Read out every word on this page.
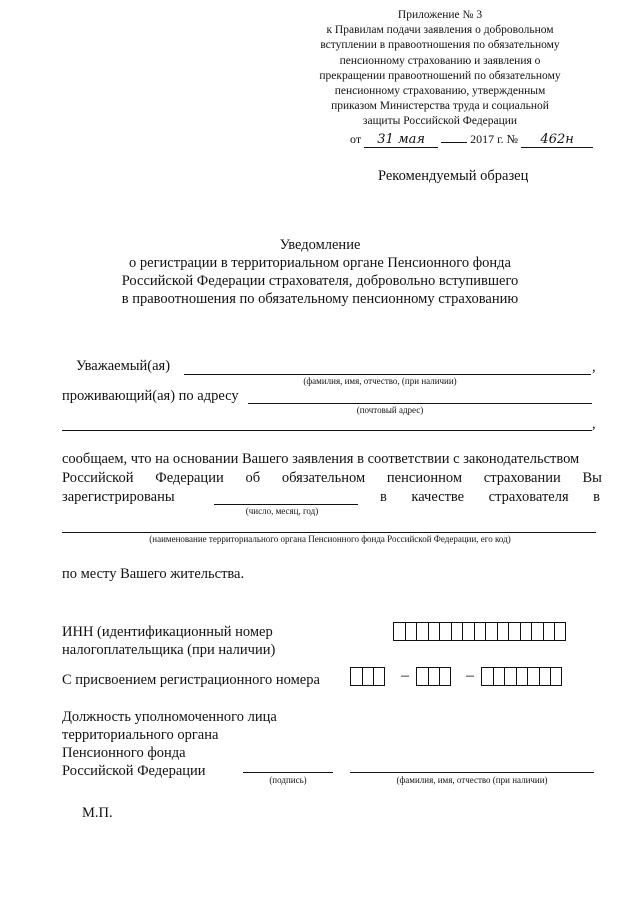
Приложение № 3
к Правилам подачи заявления о добровольном
вступлении в правоотношения по обязательному
пенсионному страхованию и заявления о
прекращении правоотношений по обязательному
пенсионному страхованию, утвержденным
приказом Министерства труда и социальной
защиты Российской Федерации
от 31 мая	2017 г. № 462н
Рекомендуемый образец
Уведомление
о регистрации в территориальном органе Пенсионного фонда
Российской Федерации страхователя, добровольно вступившего
в правоотношения по обязательному пенсионному страхованию
Уважаемый(ая)	,
(фамилия, имя, отчество, (при наличии)
проживающий(ая) по адресу
(почтовый адрес)
,
сообщаем, что на основании Вашего заявления в соответствии с законодательством
Российской Федерации об обязательном пенсионном страховании Вы
зарегистрированы	в качестве страхователя в
(число, месяц, год)
(наименование территориального органа Пенсионного фонда Российской Федерации, его код)
по месту Вашего жительства.
ИНН (идентификационный номер
налогоплательщика (при наличии)
С присвоением регистрационного номера	–	–
Должность уполномоченного лица
территориального органа
Пенсионного фонда
Российской Федерации
(подпись)	(фамилия, имя, отчество (при наличии)
М.П.
